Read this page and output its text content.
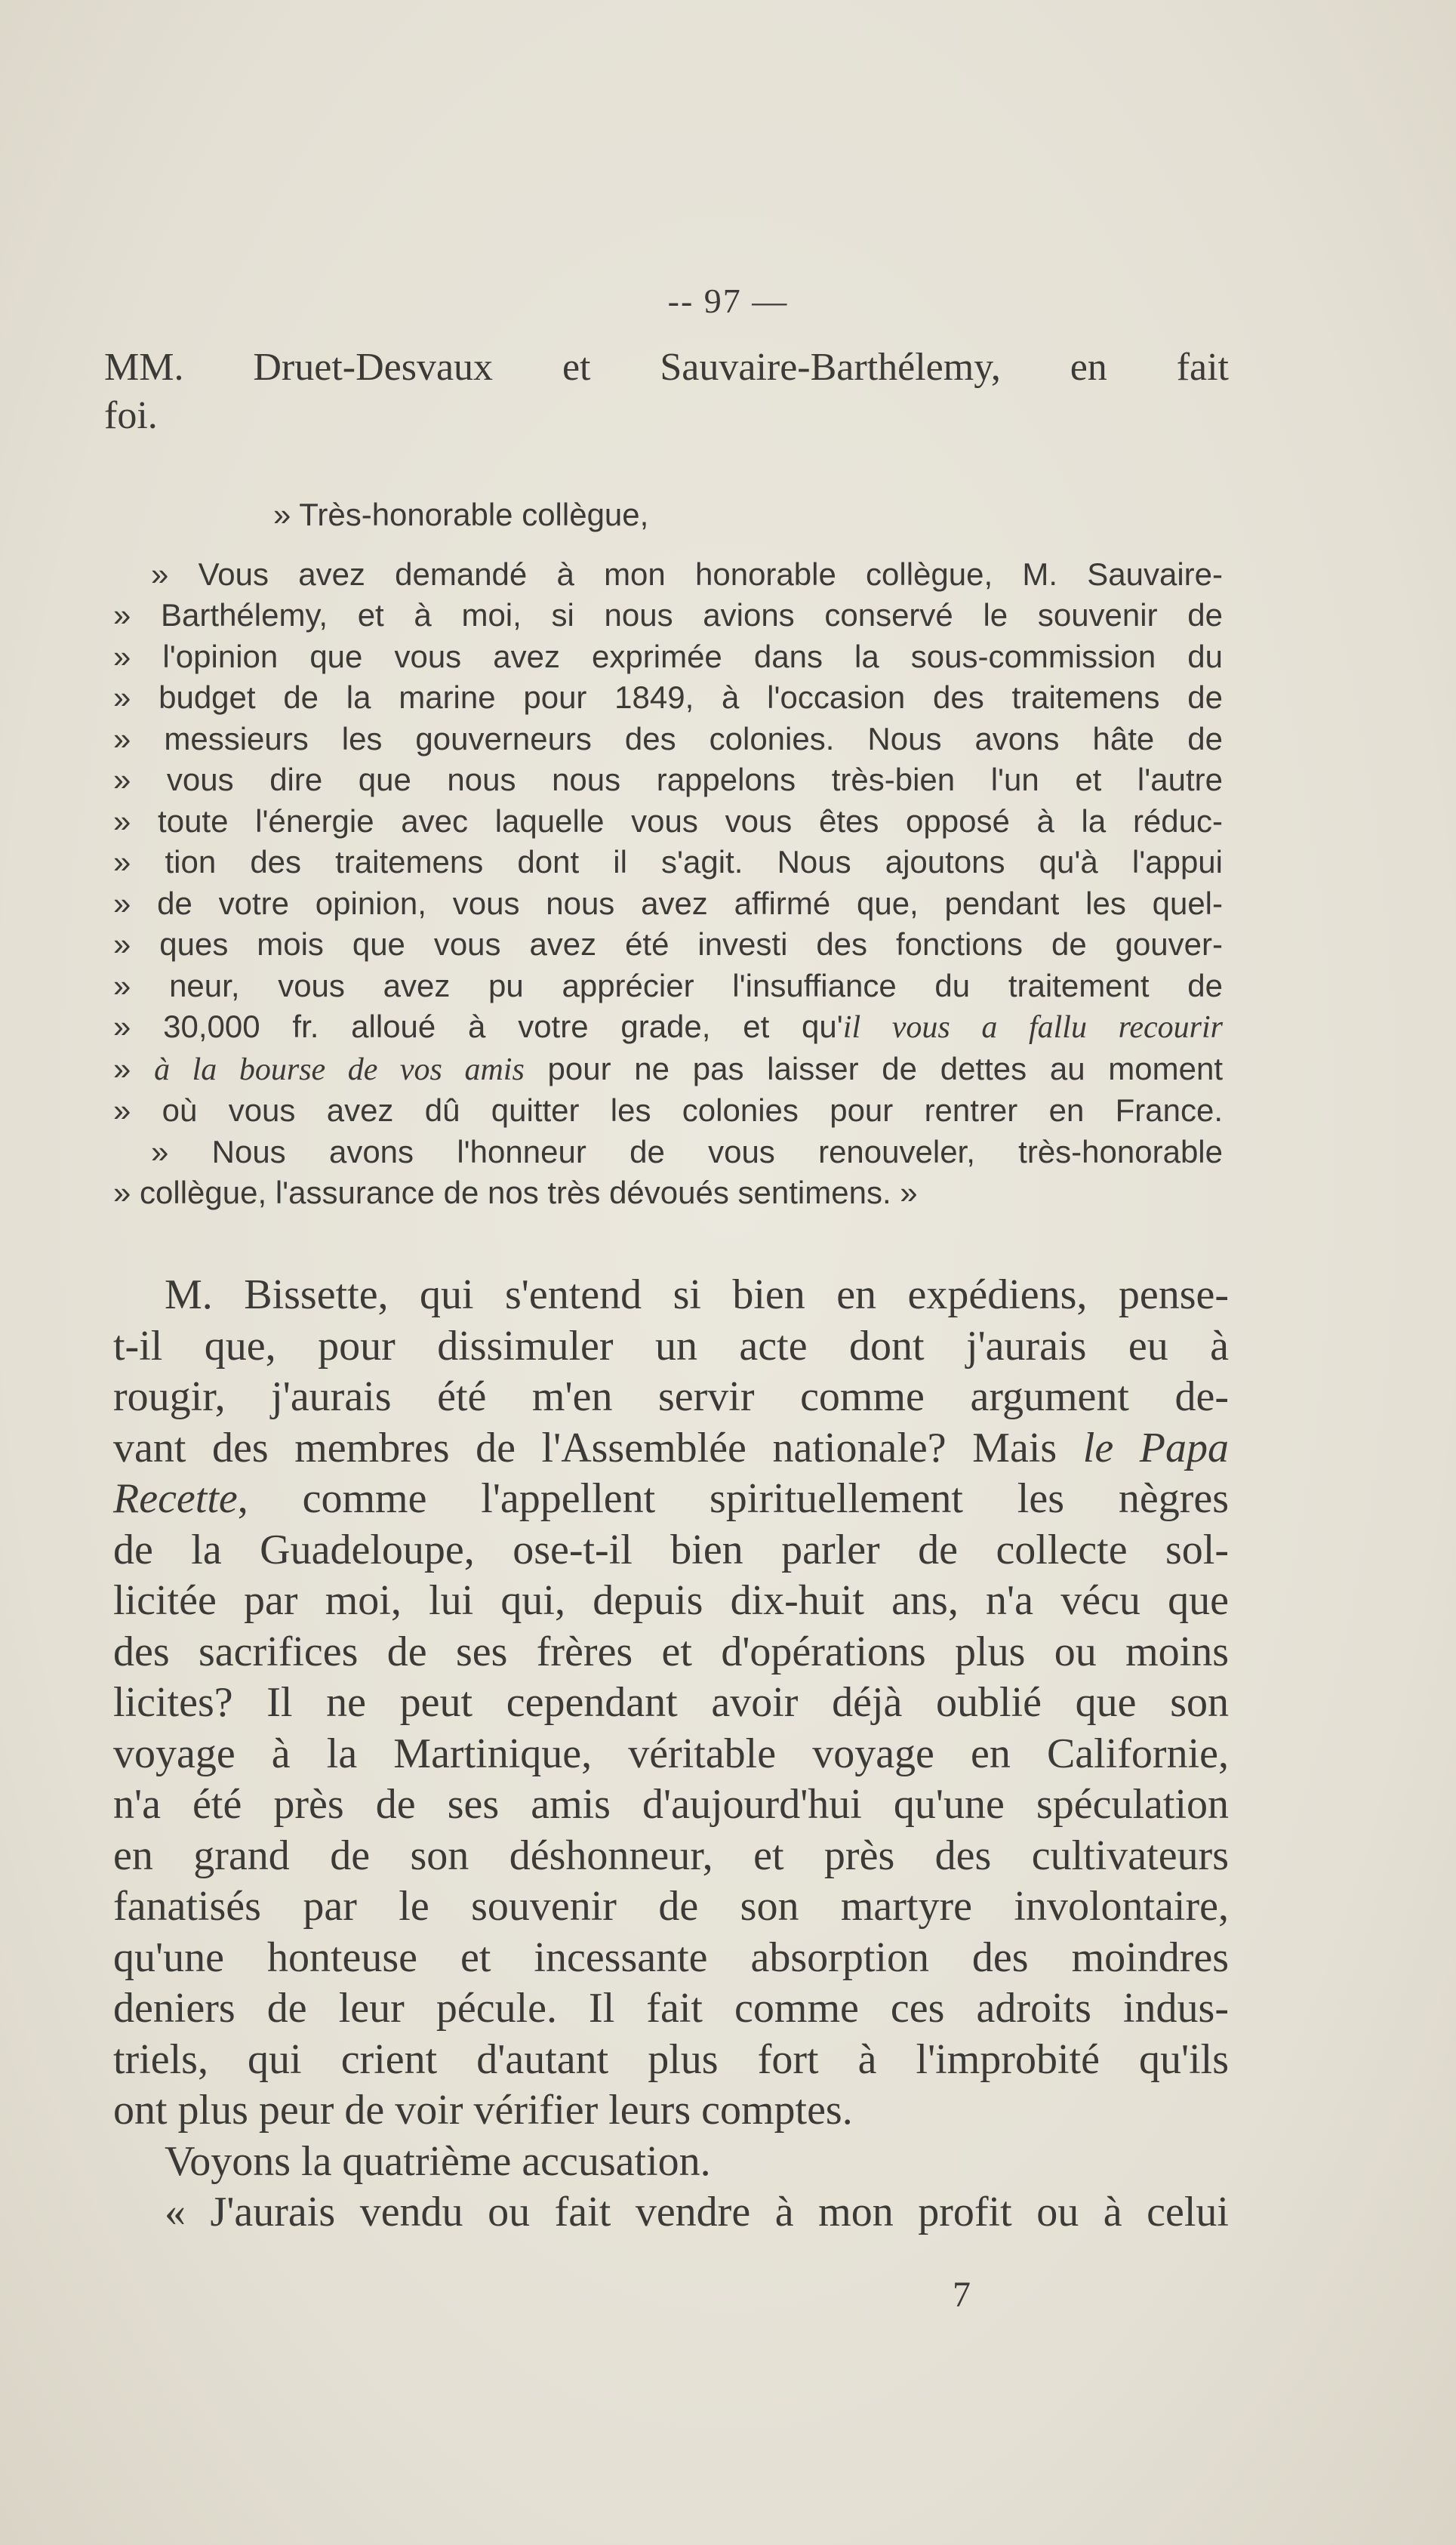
-- 97 —
MM. Druet-Desvaux et Sauvaire-Barthélemy, en fait
foi.
» Très-honorable collègue,
» Vous avez demandé à mon honorable collègue, M. Sauvaire-
» Barthélemy, et à moi, si nous avions conservé le souvenir de
» l'opinion que vous avez exprimée dans la sous-commission du
» budget de la marine pour 1849, à l'occasion des traitemens de
» messieurs les gouverneurs des colonies. Nous avons hâte de
» vous dire que nous nous rappelons très-bien l'un et l'autre
» toute l'énergie avec laquelle vous vous êtes opposé à la réduc-
» tion des traitemens dont il s'agit. Nous ajoutons qu'à l'appui
» de votre opinion, vous nous avez affirmé que, pendant les quel-
» ques mois que vous avez été investi des fonctions de gouver-
» neur, vous avez pu apprécier l'insuffiance du traitement de
» 30,000 fr. alloué à votre grade, et qu'il vous a fallu recourir
» à la bourse de vos amis pour ne pas laisser de dettes au moment
» où vous avez dû quitter les colonies pour rentrer en France.
» Nous avons l'honneur de vous renouveler, très-honorable
» collègue, l'assurance de nos très dévoués sentimens. »
M. Bissette, qui s'entend si bien en expédiens, pense-
t-il que, pour dissimuler un acte dont j'aurais eu à
rougir, j'aurais été m'en servir comme argument de-
vant des membres de l'Assemblée nationale? Mais le Papa
Recette, comme l'appellent spirituellement les nègres
de la Guadeloupe, ose-t-il bien parler de collecte sol-
licitée par moi, lui qui, depuis dix-huit ans, n'a vécu que
des sacrifices de ses frères et d'opérations plus ou moins
licites? Il ne peut cependant avoir déjà oublié que son
voyage à la Martinique, véritable voyage en Californie,
n'a été près de ses amis d'aujourd'hui qu'une spéculation
en grand de son déshonneur, et près des cultivateurs
fanatisés par le souvenir de son martyre involontaire,
qu'une honteuse et incessante absorption des moindres
deniers de leur pécule. Il fait comme ces adroits indus-
triels, qui crient d'autant plus fort à l'improbité qu'ils
ont plus peur de voir vérifier leurs comptes.
Voyons la quatrième accusation.
« J'aurais vendu ou fait vendre à mon profit ou à celui
7
